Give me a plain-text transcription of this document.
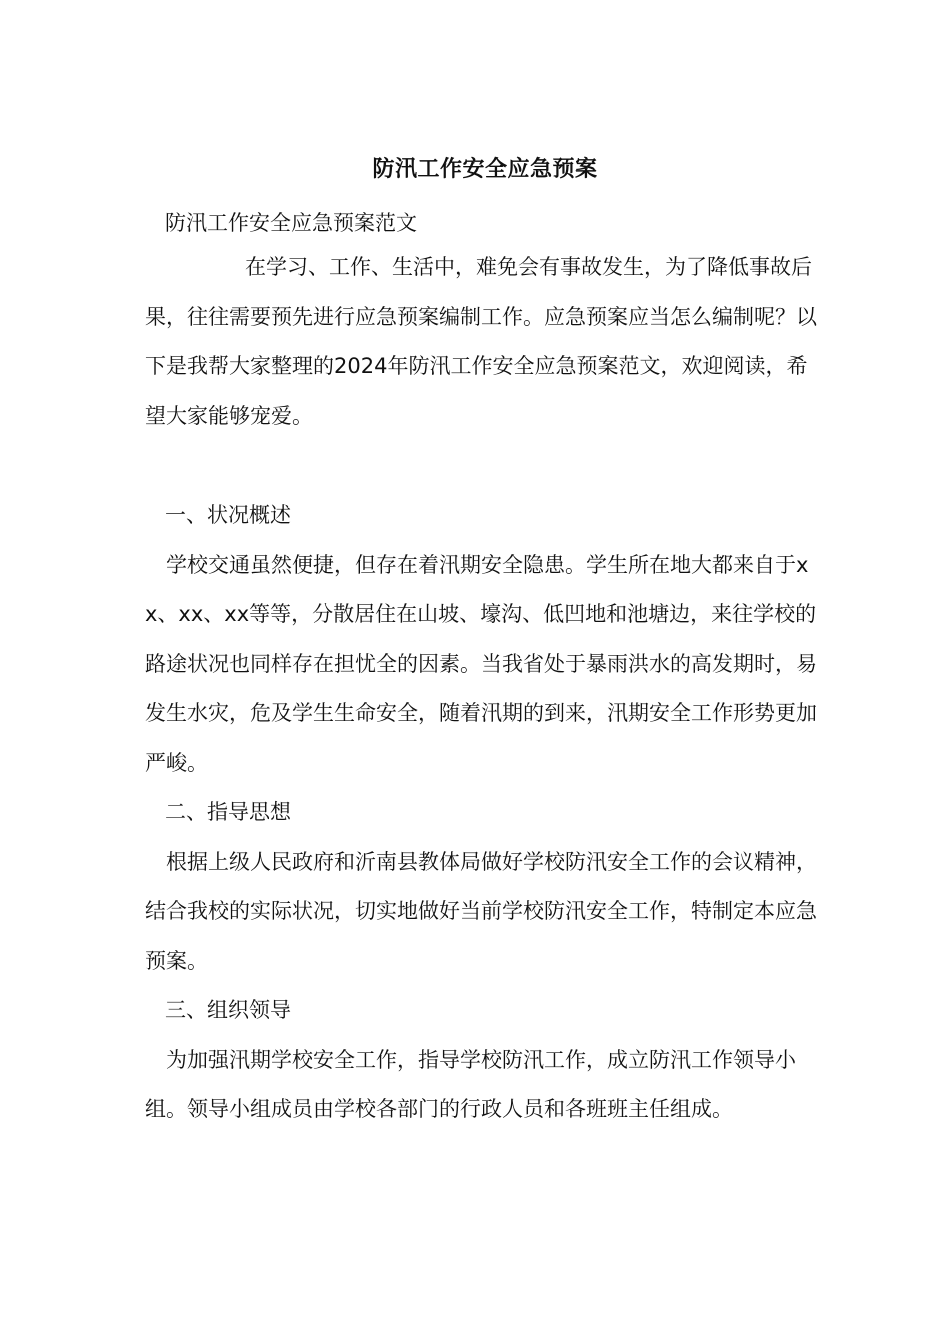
防汛工作安全应急预案

防汛工作安全应急预案范文

在学习、工作、生活中，难免会有事故发生，为了降低事故后果，往往需要预先进行应急预案编制工作。应急预案应当怎么编制呢？以下是我帮大家整理的2024年防汛工作安全应急预案范文，欢迎阅读，希望大家能够宠爱。

一、状况概述

学校交通虽然便捷，但存在着汛期安全隐患。学生所在地大都来自于xx、xx、xx等等，分散居住在山坡、壕沟、低凹地和池塘边，来往学校的路途状况也同样存在担忧全的因素。当我省处于暴雨洪水的高发期时，易发生水灾，危及学生生命安全，随着汛期的到来，汛期安全工作形势更加严峻。

二、指导思想

根据上级人民政府和沂南县教体局做好学校防汛安全工作的会议精神，结合我校的实际状况，切实地做好当前学校防汛安全工作，特制定本应急预案。

三、组织领导

为加强汛期学校安全工作，指导学校防汛工作，成立防汛工作领导小组。领导小组成员由学校各部门的行政人员和各班班主任组成。
